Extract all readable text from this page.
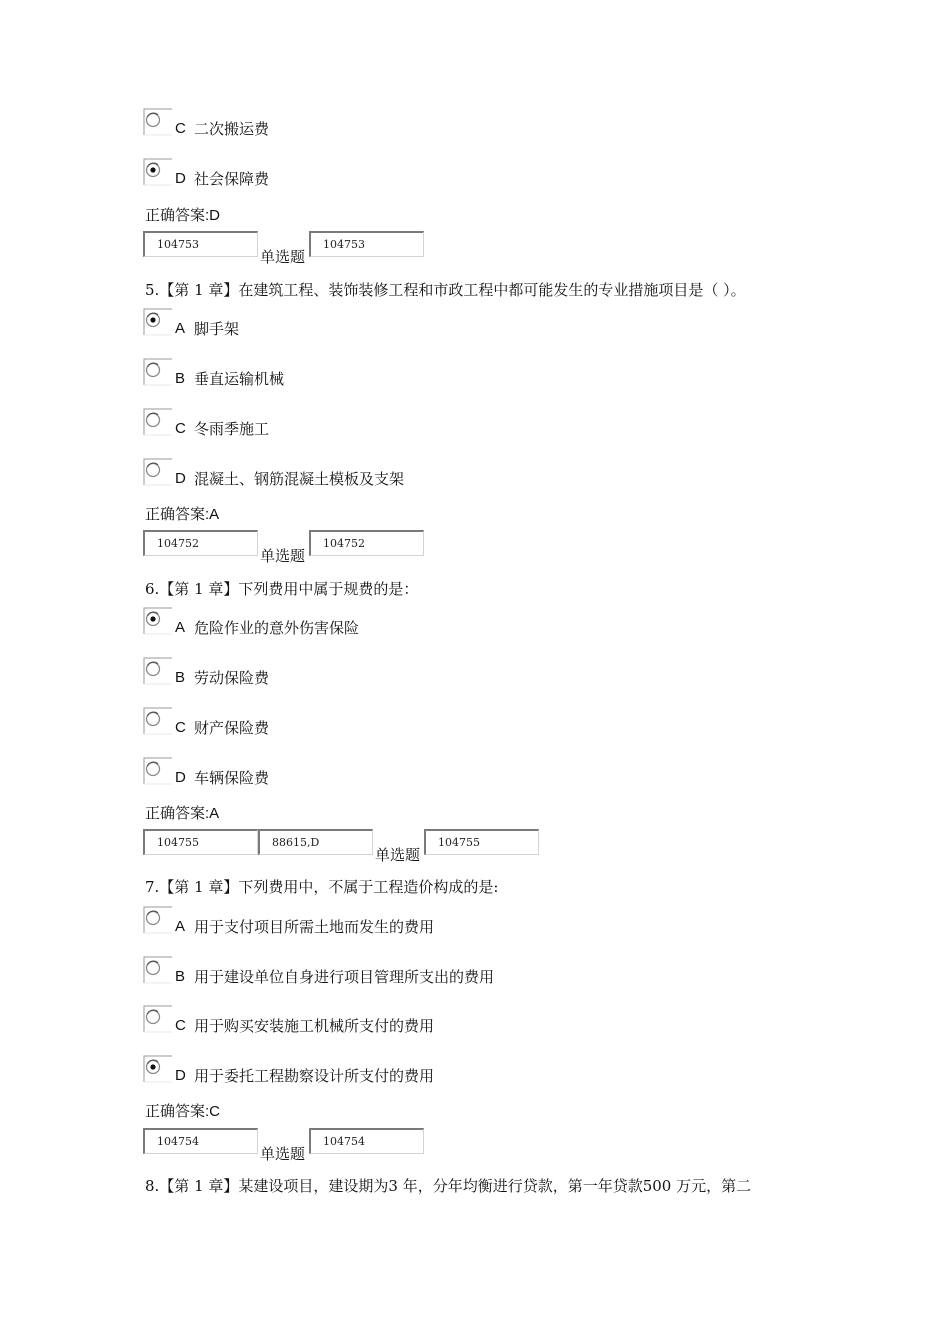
C 二次搬运费
D 社会保障费
正确答案:D
104753
单选题
104753
5.【第 1 章】在建筑工程、装饰装修工程和市政工程中都可能发生的专业措施项目是（ ）。
A 脚手架
B 垂直运输机械
C 冬雨季施工
D 混凝土、钢筋混凝土模板及支架
正确答案:A
104752
单选题
104752
6.【第 1 章】下列费用中属于规费的是：
A 危险作业的意外伤害保险
B 劳动保险费
C 财产保险费
D 车辆保险费
正确答案:A
104755	88615,D
单选题
104755
7.【第 1 章】下列费用中，不属于工程造价构成的是:
A 用于支付项目所需土地而发生的费用
B 用于建设单位自身进行项目管理所支出的费用
C 用于购买安装施工机械所支付的费用
D 用于委托工程勘察设计所支付的费用
正确答案:C
104754
单选题
104754
8.【第 1 章】某建设项目，建设期为3 年，分年均衡进行贷款，第一年贷款500 万元，第二
